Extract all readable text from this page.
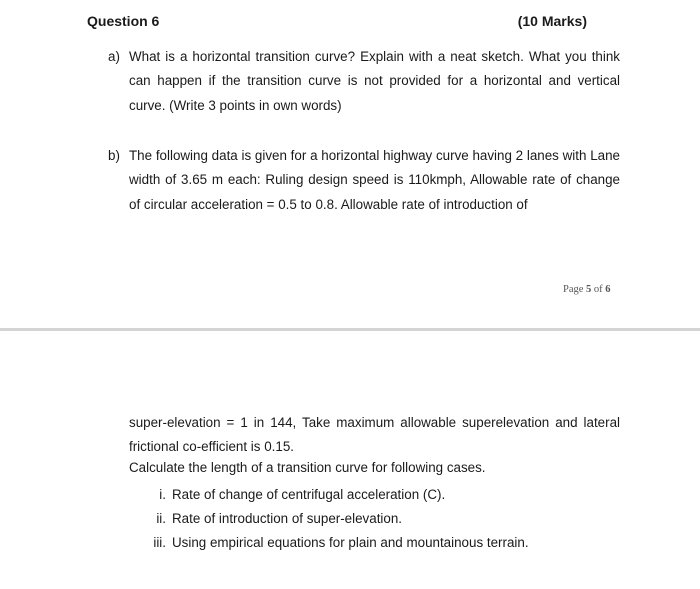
Question 6	(10 Marks)
a) What is a horizontal transition curve? Explain with a neat sketch. What you think can happen if the transition curve is not provided for a horizontal and vertical curve. (Write 3 points in own words)
b) The following data is given for a horizontal highway curve having 2 lanes with Lane width of 3.65 m each: Ruling design speed is 110kmph, Allowable rate of change of circular acceleration = 0.5 to 0.8. Allowable rate of introduction of
Page 5 of 6

super-elevation = 1 in 144, Take maximum allowable superelevation and lateral frictional co-efficient is 0.15.

Calculate the length of a transition curve for following cases.
i. Rate of change of centrifugal acceleration (C).
ii. Rate of introduction of super-elevation.
iii. Using empirical equations for plain and mountainous terrain.
